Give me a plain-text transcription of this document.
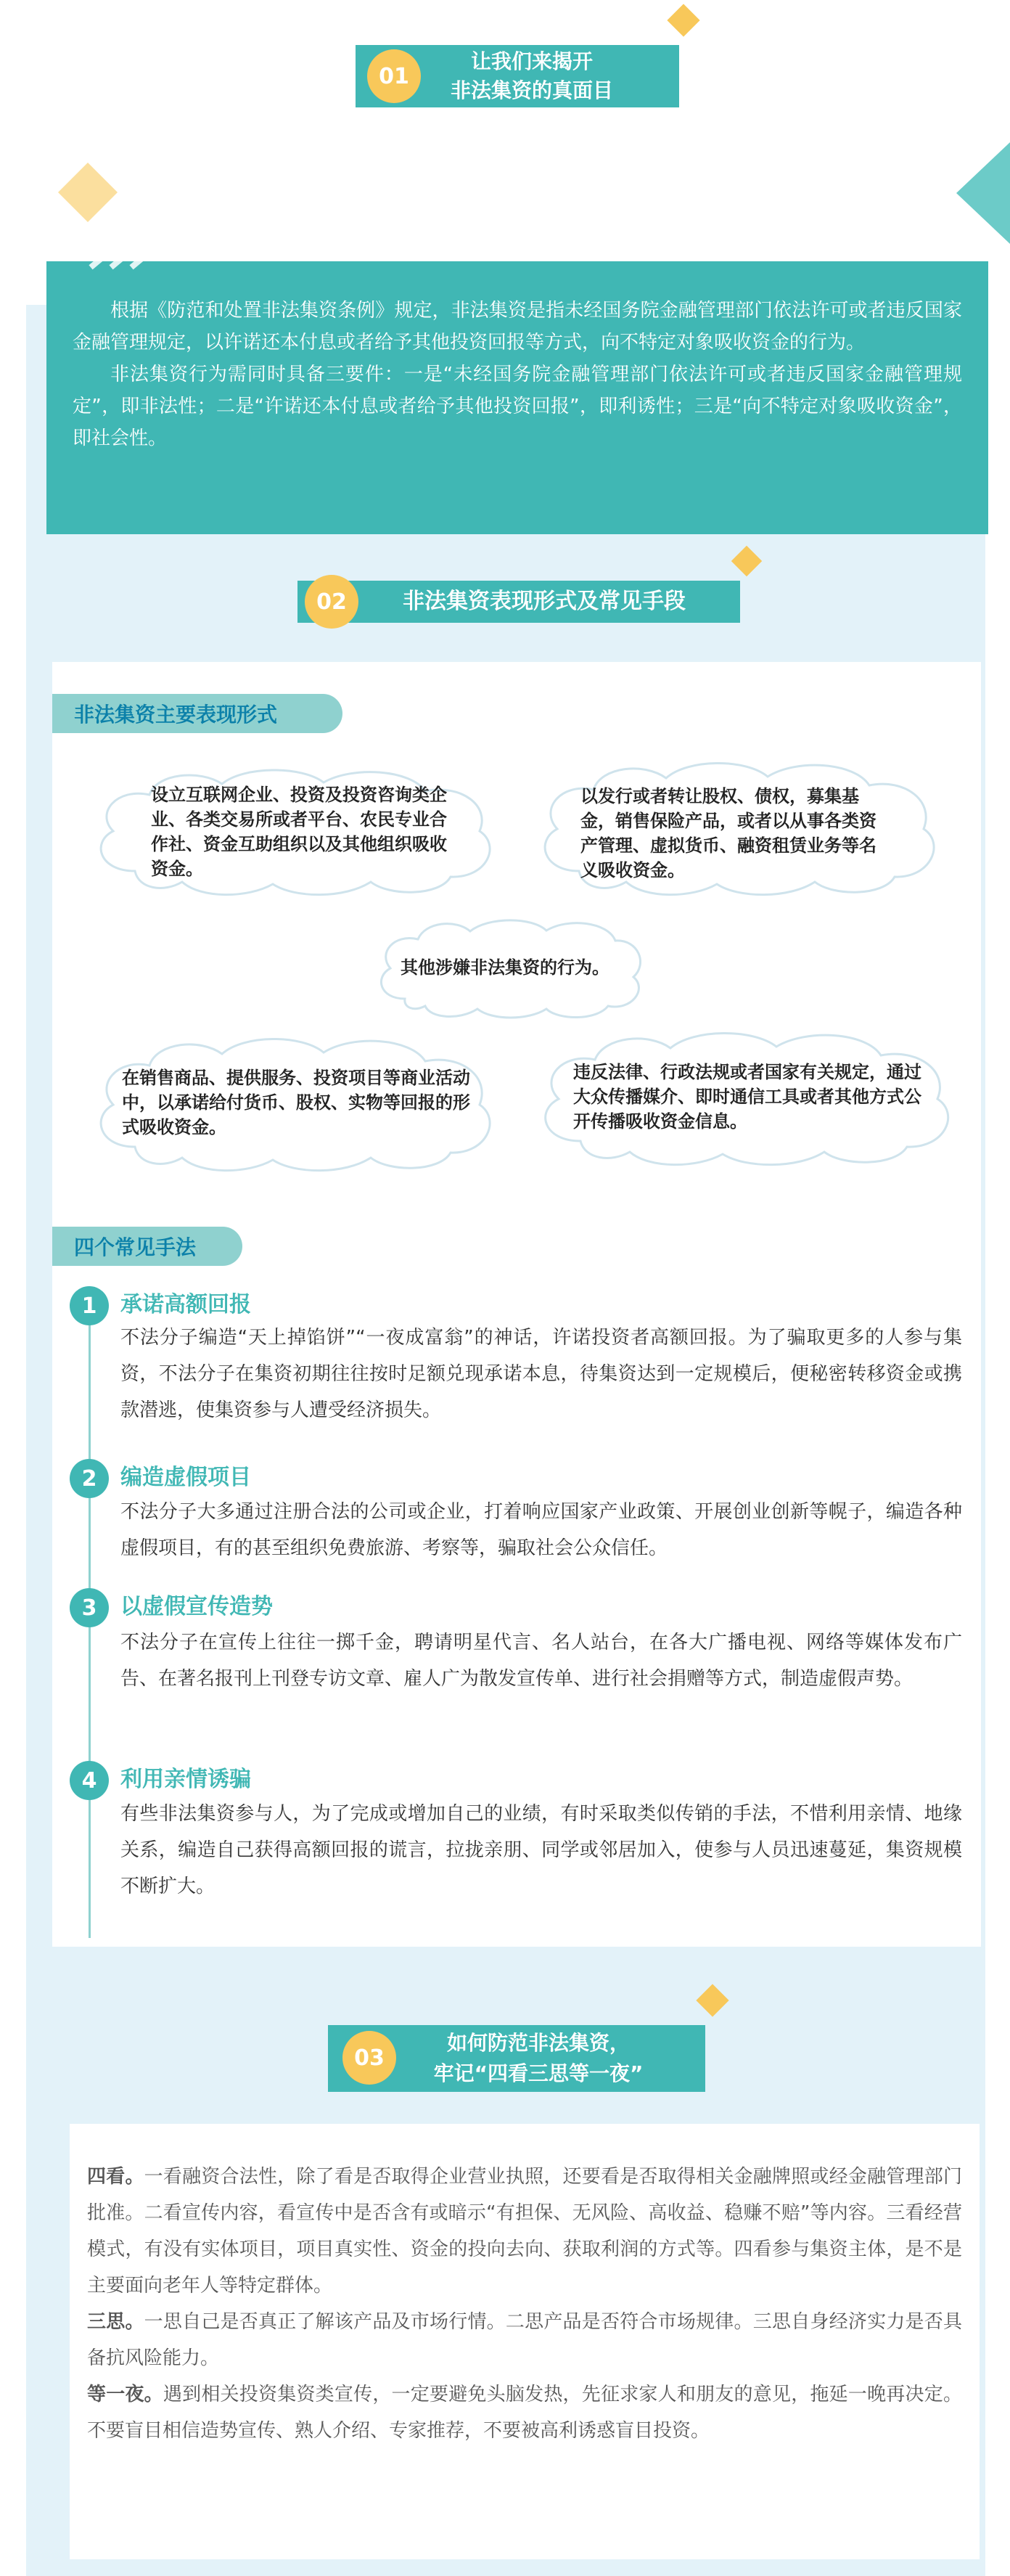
让我们来揭开
非法集资的真面目
01

根据《防范和处置非法集资条例》规定，非法集资是指未经国务院金融管理部门依法许可或者违反国家金融管理规定，以许诺还本付息或者给予其他投资回报等方式，向不特定对象吸收资金的行为。

非法集资行为需同时具备三要件：一是“未经国务院金融管理部门依法许可或者违反国家金融管理规定”，即非法性；二是“许诺还本付息或者给予其他投资回报”，即利诱性；三是“向不特定对象吸收资金”，即社会性。

非法集资表现形式及常见手段
02
非法集资主要表现形式
设立互联网企业、投资及投资咨询类企业、各类交易所或者平台、农民专业合作社、资金互助组织以及其他组织吸收资金。
以发行或者转让股权、债权，募集基金，销售保险产品，或者以从事各类资产管理、虚拟货币、融资租赁业务等名义吸收资金。
其他涉嫌非法集资的行为。
在销售商品、提供服务、投资项目等商业活动中，以承诺给付货币、股权、实物等回报的形式吸收资金。
违反法律、行政法规或者国家有关规定，通过大众传播媒介、即时通信工具或者其他方式公开传播吸收资金信息。
四个常见手法
1	承诺高额回报
不法分子编造“天上掉馅饼”“一夜成富翁”的神话，许诺投资者高额回报。为了骗取更多的人参与集资，不法分子在集资初期往往按时足额兑现承诺本息，待集资达到一定规模后，便秘密转移资金或携款潜逃，使集资参与人遭受经济损失。
2	编造虚假项目
不法分子大多通过注册合法的公司或企业，打着响应国家产业政策、开展创业创新等幌子，编造各种虚假项目，有的甚至组织免费旅游、考察等，骗取社会公众信任。
3	以虚假宣传造势
不法分子在宣传上往往一掷千金，聘请明星代言、名人站台，在各大广播电视、网络等媒体发布广告、在著名报刊上刊登专访文章、雇人广为散发宣传单、进行社会捐赠等方式，制造虚假声势。
4	利用亲情诱骗
有些非法集资参与人，为了完成或增加自己的业绩，有时采取类似传销的手法，不惜利用亲情、地缘关系，编造自己获得高额回报的谎言，拉拢亲朋、同学或邻居加入，使参与人员迅速蔓延，集资规模不断扩大。
如何防范非法集资，
牢记“四看三思等一夜”
03

四看。一看融资合法性，除了看是否取得企业营业执照，还要看是否取得相关金融牌照或经金融管理部门批准。二看宣传内容，看宣传中是否含有或暗示“有担保、无风险、高收益、稳赚不赔”等内容。三看经营模式，有没有实体项目，项目真实性、资金的投向去向、获取利润的方式等。四看参与集资主体，是不是主要面向老年人等特定群体。

三思。一思自己是否真正了解该产品及市场行情。二思产品是否符合市场规律。三思自身经济实力是否具备抗风险能力。

等一夜。遇到相关投资集资类宣传，一定要避免头脑发热，先征求家人和朋友的意见，拖延一晚再决定。不要盲目相信造势宣传、熟人介绍、专家推荐，不要被高利诱惑盲目投资。
